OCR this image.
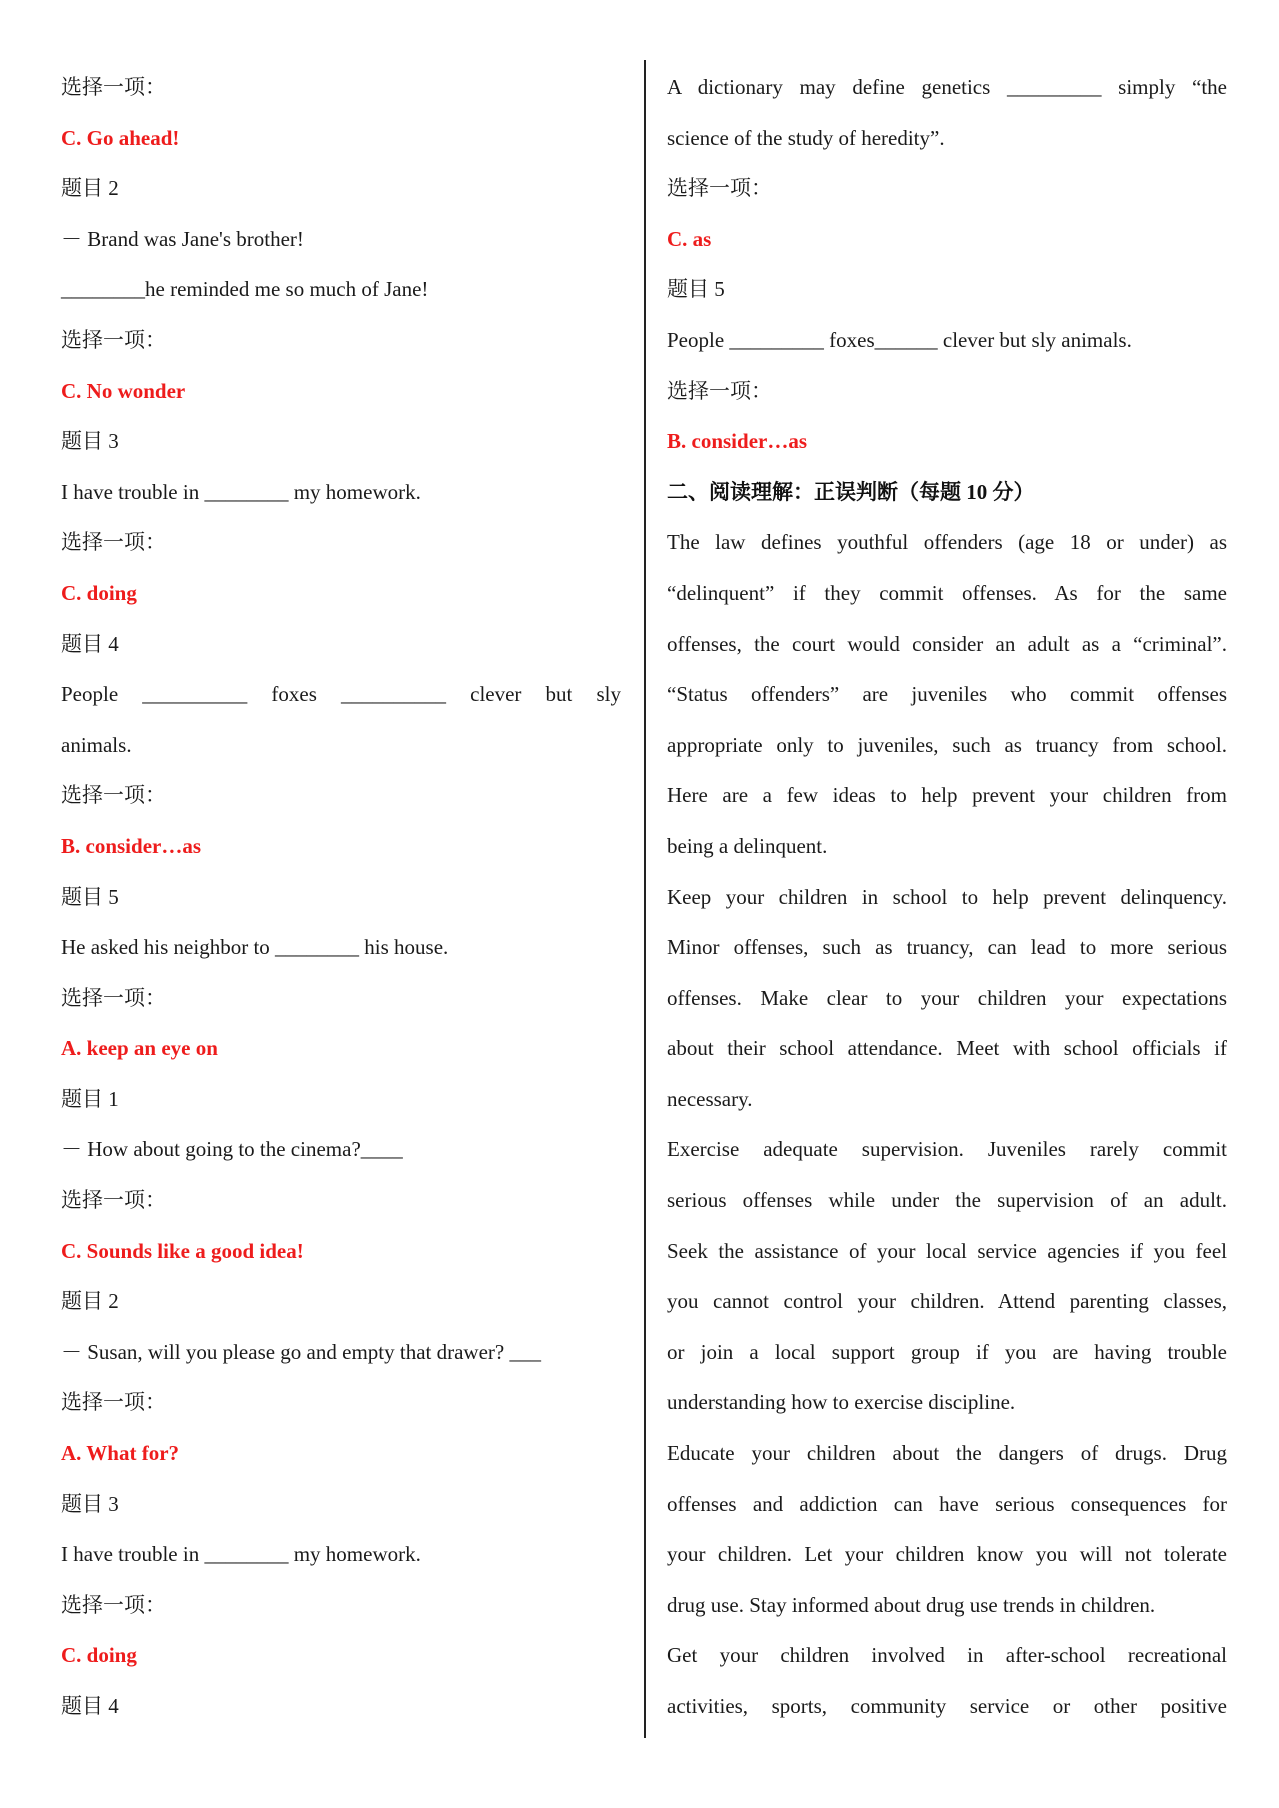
选择一项：
C. Go ahead!
题目 2
－ Brand was Jane's brother!
________he reminded me so much of Jane!
选择一项：
C. No wonder
题目 3
I have trouble in ________ my homework.
选择一项：
C. doing
题目 4
People __________ foxes __________ clever but sly
animals.
选择一项：
B. consider…as
题目 5
He asked his neighbor to ________ his house.
选择一项：
A. keep an eye on
题目 1
－ How about going to the cinema?____
选择一项：
C. Sounds like a good idea!
题目 2
－ Susan, will you please go and empty that drawer? ___
选择一项：
A. What for?
题目 3
I have trouble in ________ my homework.
选择一项：
C. doing
题目 4
A dictionary may define genetics _________ simply “the
science of the study of heredity”.
选择一项：
C. as
题目 5
People _________ foxes______ clever but sly animals.
选择一项：
B. consider…as
二、阅读理解：正误判断（每题 10 分）
The law defines youthful offenders (age 18 or under) as
“delinquent” if they commit offenses. As for the same
offenses, the court would consider an adult as a “criminal”.
“Status offenders” are juveniles who commit offenses
appropriate only to juveniles, such as truancy from school.
Here are a few ideas to help prevent your children from
being a delinquent.
Keep your children in school to help prevent delinquency.
Minor offenses, such as truancy, can lead to more serious
offenses. Make clear to your children your expectations
about their school attendance. Meet with school officials if
necessary.
Exercise adequate supervision. Juveniles rarely commit
serious offenses while under the supervision of an adult.
Seek the assistance of your local service agencies if you feel
you cannot control your children. Attend parenting classes,
or join a local support group if you are having trouble
understanding how to exercise discipline.
Educate your children about the dangers of drugs. Drug
offenses and addiction can have serious consequences for
your children. Let your children know you will not tolerate
drug use. Stay informed about drug use trends in children.
Get your children involved in after-school recreational
activities, sports, community service or other positive
